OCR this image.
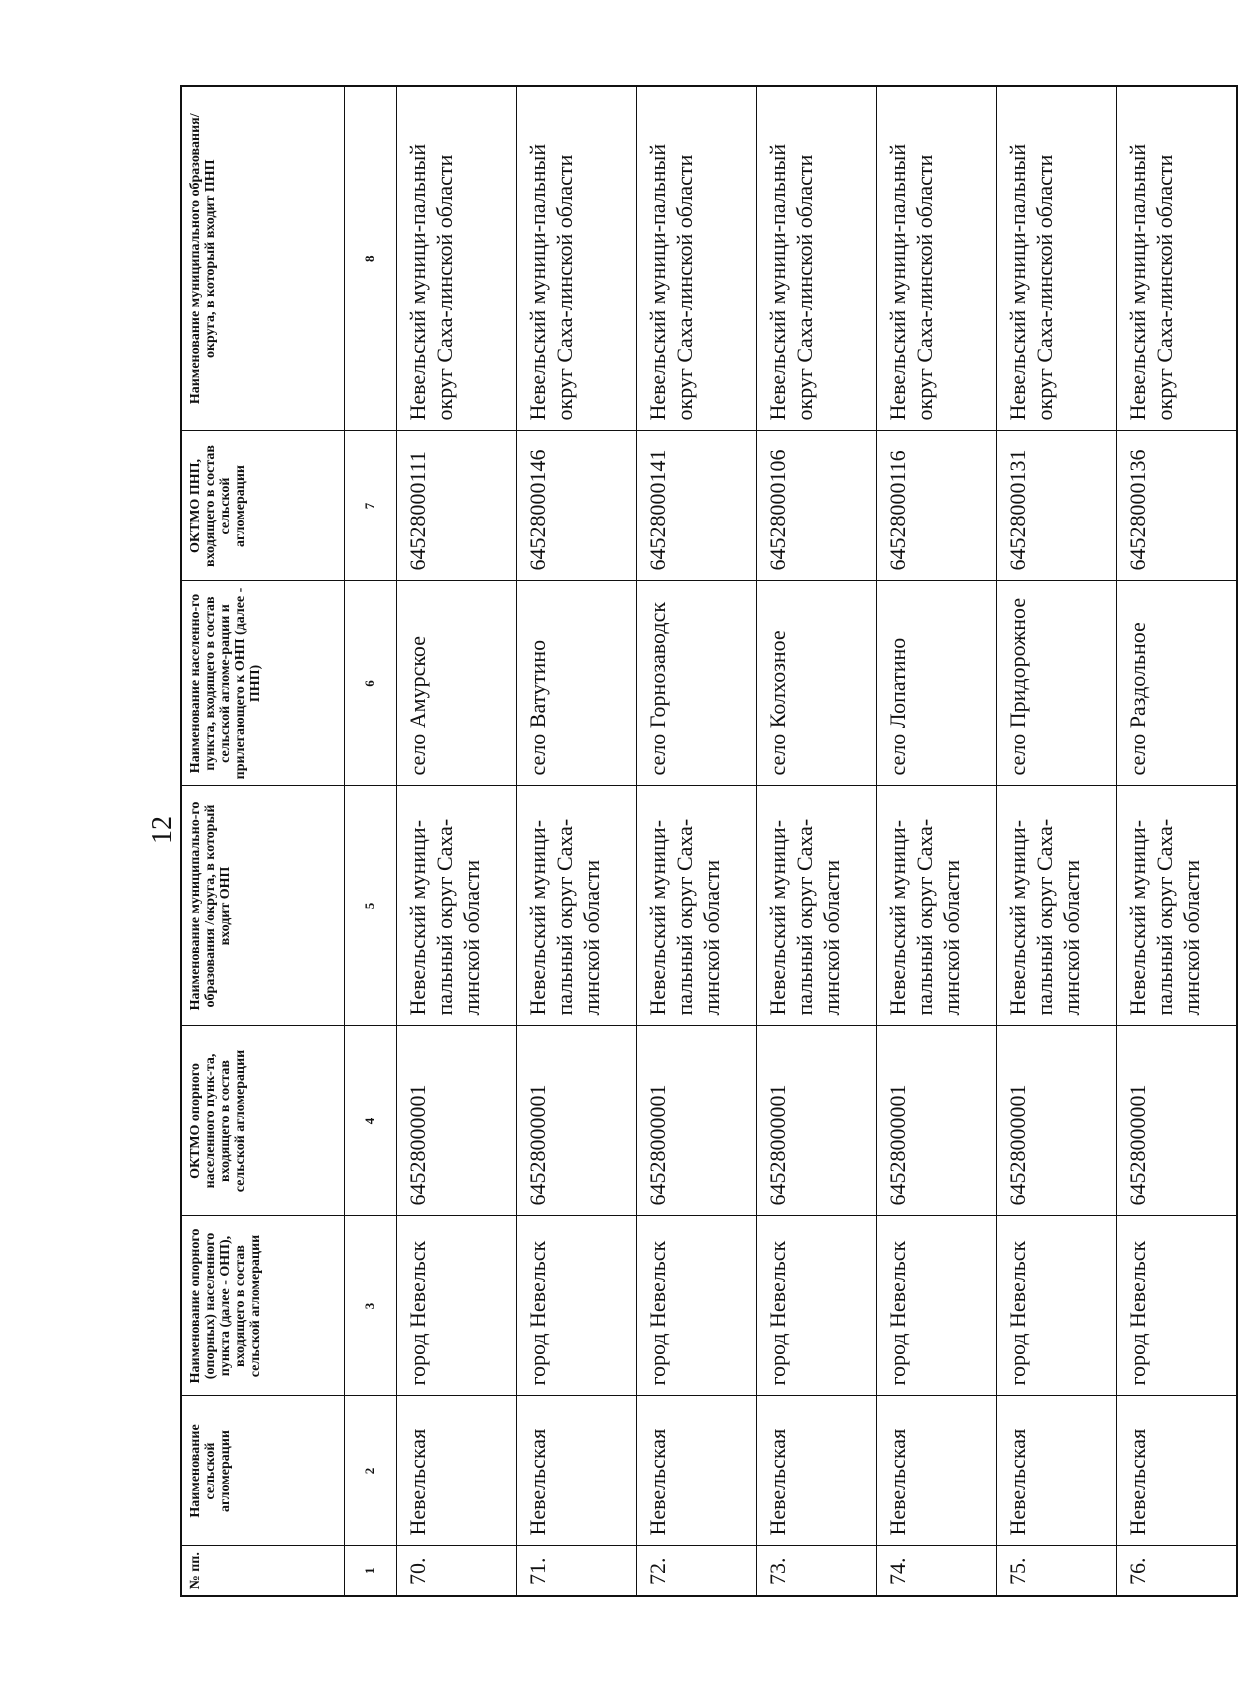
12
№ пп.	Наименование сельской агломерации	Наименование опорного (опорных) населенного пункта (далее - ОНП), входящего в состав сельской агломерации	ОКТМО опорного населенного пунк-та, входящего в состав сельской агломерации	Наименование муниципально-го образования /округа, в который входит ОНП	Наименование населенно-го пункта, входящего в состав сельской агломе-рации и прилегающего к ОНП (далее - ПНП)	ОКТМО ПНП, входящего в состав сельской агломерации	Наименование муниципального образования/округа, в который входит ПНП
1	2	3	4	5	6	7	8
70.	Невельская	город Невельск	64528000001	Невельский муници-пальный округ Саха-линской области	село Амурское	64528000111	Невельский муници-пальный округ Саха-линской области
71.	Невельская	город Невельск	64528000001	Невельский муници-пальный округ Саха-линской области	село Ватутино	64528000146	Невельский муници-пальный округ Саха-линской области
72.	Невельская	город Невельск	64528000001	Невельский муници-пальный округ Саха-линской области	село Горнозаводск	64528000141	Невельский муници-пальный округ Саха-линской области
73.	Невельская	город Невельск	64528000001	Невельский муници-пальный округ Саха-линской области	село Колхозное	64528000106	Невельский муници-пальный округ Саха-линской области
74.	Невельская	город Невельск	64528000001	Невельский муници-пальный округ Саха-линской области	село Лопатино	64528000116	Невельский муници-пальный округ Саха-линской области
75.	Невельская	город Невельск	64528000001	Невельский муници-пальный округ Саха-линской области	село Придорожное	64528000131	Невельский муници-пальный округ Саха-линской области
76.	Невельская	город Невельск	64528000001	Невельский муници-пальный округ Саха-линской области	село Раздольное	64528000136	Невельский муници-пальный округ Саха-линской области
